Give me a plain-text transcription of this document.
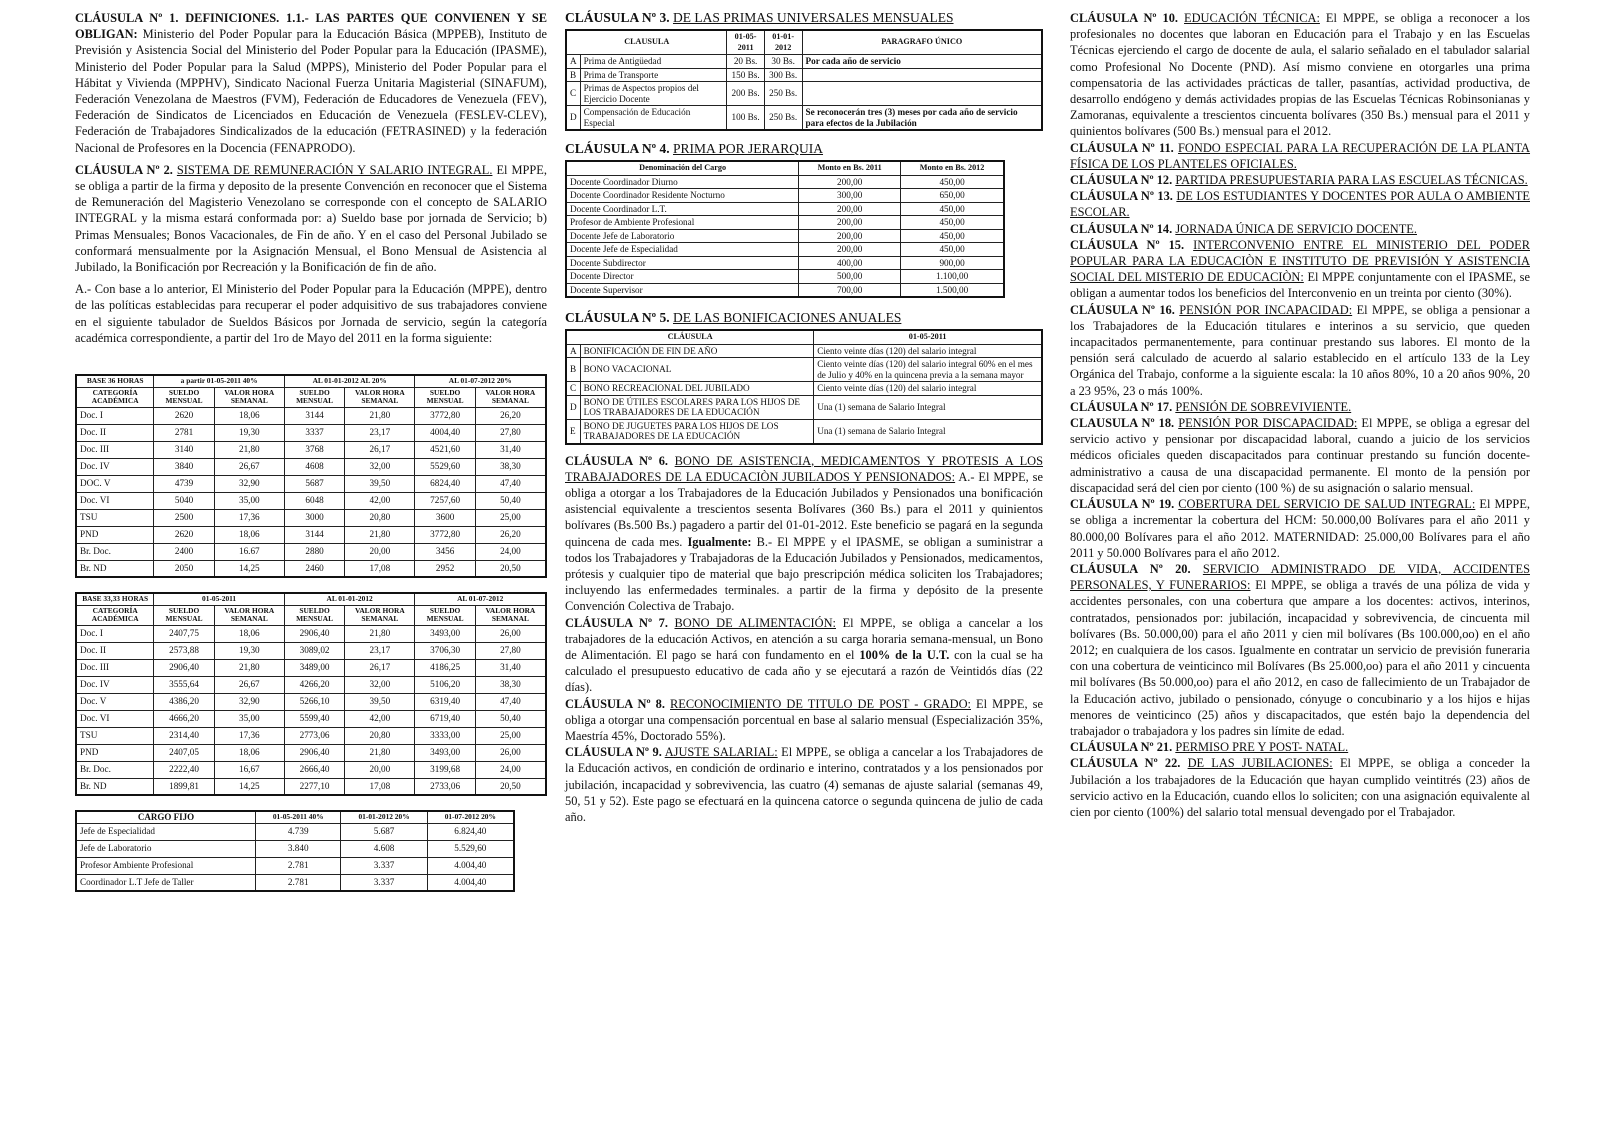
CLÁUSULA Nº 1. DEFINICIONES. 1.1.- LAS PARTES QUE CONVIENEN Y SE OBLIGAN: Ministerio del Poder Popular para la Educación Básica (MPPEB), Instituto de Previsión y Asistencia Social del Ministerio del Poder Popular para la Educación (IPASME), Ministerio del Poder Popular para la Salud (MPPS), Ministerio del Poder Popular para el Hábitat y Vivienda (MPPHV), Sindicato Nacional Fuerza Unitaria Magisterial (SINAFUM), Federación Venezolana de Maestros (FVM), Federación de Educadores de Venezuela (FEV), Federación de Sindicatos de Licenciados en Educación de Venezuela (FESLEV-CLEV), Federación de Trabajadores Sindicalizados de la educación (FETRASINED) y la federación Nacional de Profesores en la Docencia (FENAPRODO).

CLÁUSULA Nº 2. SISTEMA DE REMUNERACIÓN Y SALARIO INTEGRAL. El MPPE, se obliga a partir de la firma y deposito de la presente Convención en reconocer que el Sistema de Remuneración del Magisterio Venezolano se corresponde con el concepto de SALARIO INTEGRAL y la misma estará conformada por: a) Sueldo base por jornada de Servicio; b) Primas Mensuales; Bonos Vacacionales, de Fin de año. Y en el caso del Personal Jubilado se conformará mensualmente por la Asignación Mensual, el Bono Mensual de Asistencia al Jubilado, la Bonificación por Recreación y la Bonificación de fin de año.

A.- Con base a lo anterior, El Ministerio del Poder Popular para la Educación (MPPE), dentro de las políticas establecidas para recuperar el poder adquisitivo de sus trabajadores conviene en el siguiente tabulador de Sueldos Básicos por Jornada de servicio, según la categoría académica correspondiente, a partir del 1ro de Mayo del 2011 en la forma siguiente:

BASE 36 HORAS	a partir 01-05-2011 40%		AL 01-01-2012 AL 20%		AL 01-07-2012 20%	
CATEGORÍA ACADÉMICA	SUELDO MENSUAL	VALOR HORA SEMANAL	SUELDO MENSUAL	VALOR HORA SEMANAL	SUELDO MENSUAL	VALOR HORA SEMANAL
Doc. I	2620	18,06	3144	21,80	3772,80	26,20
Doc. II	2781	19,30	3337	23,17	4004,40	27,80
Doc. III	3140	21,80	3768	26,17	4521,60	31,40
Doc. IV	3840	26,67	4608	32,00	5529,60	38,30
DOC. V	4739	32,90	5687	39,50	6824,40	47,40
Doc. VI	5040	35,00	6048	42,00	7257,60	50,40
TSU	2500	17,36	3000	20,80	3600	25,00
PND	2620	18,06	3144	21,80	3772,80	26,20
Br. Doc.	2400	16.67	2880	20,00	3456	24,00
Br. ND	2050	14,25	2460	17,08	2952	20,50
BASE 33,33 HORAS	01-05-2011		AL 01-01-2012		AL 01-07-2012	
CATEGORÍA ACADÉMICA	SUELDO MENSUAL	VALOR HORA SEMANAL	SUELDO MENSUAL	VALOR HORA SEMANAL	SUELDO MENSUAL	VALOR HORA SEMANAL
Doc. I	2407,75	18,06	2906,40	21,80	3493,00	26,00
Doc. II	2573,88	19,30	3089,02	23,17	3706,30	27,80
Doc. III	2906,40	21,80	3489,00	26,17	4186,25	31,40
Doc. IV	3555,64	26,67	4266,20	32,00	5106,20	38,30
Doc. V	4386,20	32,90	5266,10	39,50	6319,40	47,40
Doc. VI	4666,20	35,00	5599,40	42,00	6719,40	50,40
TSU	2314,40	17,36	2773,06	20,80	3333,00	25,00
PND	2407,05	18,06	2906,40	21,80	3493,00	26,00
Br. Doc.	2222,40	16,67	2666,40	20,00	3199,68	24,00
Br. ND	1899,81	14,25	2277,10	17,08	2733,06	20,50
CARGO FIJO	01-05-2011 40%	01-01-2012 20%	01-07-2012 20%
Jefe de Especialidad	4.739	5.687	6.824,40
Jefe de Laboratorio	3.840	4.608	5.529,60
Profesor Ambiente Profesional	2.781	3.337	4.004,40
Coordinador L.T Jefe de Taller	2.781	3.337	4.004,40
CLÁUSULA Nº 3. DE LAS PRIMAS UNIVERSALES MENSUALES
CLAUSULA		01-05-2011	01-01-2012	PARAGRAFO ÚNICO
A	Prima de Antigüedad	20 Bs.	30 Bs.	Por cada año de servicio
B	Prima de Transporte	150 Bs.	300 Bs.	
C	Primas de Aspectos propios del Ejercicio Docente	200 Bs.	250 Bs.	
D	Compensación de Educación Especial	100 Bs.	250 Bs.	Se reconocerán tres (3) meses por cada año de servicio para efectos de la Jubilación
CLÁUSULA Nº 4. PRIMA POR JERARQUIA
Denominación del Cargo	Monto en Bs. 2011	Monto en Bs. 2012
Docente Coordinador Diurno	200,00	450,00
Docente Coordinador Residente Nocturno	300,00	650,00
Docente Coordinador L.T.	200,00	450,00
Profesor de Ambiente Profesional	200,00	450,00
Docente Jefe de Laboratorio	200,00	450,00
Docente Jefe de Especialidad	200,00	450,00
Docente Subdirector	400,00	900,00
Docente Director	500,00	1.100,00
Docente Supervisor	700,00	1.500,00
CLÁUSULA Nº 5. DE LAS BONIFICACIONES ANUALES
CLÁUSULA		01-05-2011
A	BONIFICACIÓN DE FIN DE AÑO	Ciento veinte días (120) del salario integral
B	BONO VACACIONAL	Ciento veinte días (120) del salario integral 60% en el mes de Julio y 40% en la quincena previa a la semana mayor
C	BONO RECREACIONAL DEL JUBILADO	Ciento veinte días (120) del salario integral
D	BONO DE ÚTILES ESCOLARES PARA LOS HIJOS DE LOS TRABAJADORES DE LA EDUCACIÓN	Una (1) semana de Salario Integral
E	BONO DE JUGUETES PARA LOS HIJOS DE LOS TRABAJADORES DE LA EDUCACIÓN	Una (1) semana de Salario Integral

CLÁUSULA Nº 6. BONO DE ASISTENCIA, MEDICAMENTOS Y PROTESIS A LOS TRABAJADORES DE LA EDUCACIÒN JUBILADOS Y PENSIONADOS: A.- El MPPE, se obliga a otorgar a los Trabajadores de la Educación Jubilados y Pensionados una bonificación asistencial equivalente a trescientos sesenta Bolívares (360 Bs.) para el 2011 y quinientos bolívares (Bs.500 Bs.) pagadero a partir del 01-01-2012. Este beneficio se pagará en la segunda quincena de cada mes. Igualmente: B.- El MPPE y el IPASME, se obligan a suministrar a todos los Trabajadores y Trabajadoras de la Educación Jubilados y Pensionados, medicamentos, prótesis y cualquier tipo de material que bajo prescripción médica soliciten los Trabajadores; incluyendo las enfermedades terminales. a partir de la firma y depósito de la presente Convención Colectiva de Trabajo.

CLÁUSULA Nº 7. BONO DE ALIMENTACIÓN: El MPPE, se obliga a cancelar a los trabajadores de la educación Activos, en atención a su carga horaria semana-mensual, un Bono de Alimentación. El pago se hará con fundamento en el 100% de la U.T. con la cual se ha calculado el presupuesto educativo de cada año y se ejecutará a razón de Veintidós días (22 días).

CLÁUSULA Nº 8. RECONOCIMIENTO DE TITULO DE POST - GRADO: El MPPE, se obliga a otorgar una compensación porcentual en base al salario mensual (Especialización 35%, Maestría 45%, Doctorado 55%).

CLÁUSULA Nº 9. AJUSTE SALARIAL: El MPPE, se obliga a cancelar a los Trabajadores de la Educación activos, en condición de ordinario e interino, contratados y a los pensionados por jubilación, incapacidad y sobrevivencia, las cuatro (4) semanas de ajuste salarial (semanas 49, 50, 51 y 52). Este pago se efectuará en la quincena catorce o segunda quincena de julio de cada año.

CLÁUSULA Nº 10. EDUCACIÓN TÉCNICA: El MPPE, se obliga a reconocer a los profesionales no docentes que laboran en Educación para el Trabajo y en las Escuelas Técnicas ejerciendo el cargo de docente de aula, el salario señalado en el tabulador salarial como Profesional No Docente (PND). Así mismo conviene en otorgarles una prima compensatoria de las actividades prácticas de taller, pasantías, actividad productiva, de desarrollo endógeno y demás actividades propias de las Escuelas Técnicas Robinsonianas y Zamoranas, equivalente a trescientos cincuenta bolívares (350 Bs.) mensual para el 2011 y quinientos bolívares (500 Bs.) mensual para el 2012.

CLÁUSULA Nº 11. FONDO ESPECIAL PARA LA RECUPERACIÓN DE LA PLANTA FÍSICA DE LOS PLANTELES OFICIALES.

CLÁUSULA Nº 12. PARTIDA PRESUPUESTARIA PARA LAS ESCUELAS TÉCNICAS.

CLÁUSULA Nº 13. DE LOS ESTUDIANTES Y DOCENTES POR AULA O AMBIENTE ESCOLAR.

CLÁUSULA Nº 14. JORNADA ÚNICA DE SERVICIO DOCENTE.

CLÁUSULA Nº 15. INTERCONVENIO ENTRE EL MINISTERIO DEL PODER POPULAR PARA LA EDUCACIÒN E INSTITUTO DE PREVISIÓN Y ASISTENCIA SOCIAL DEL MISTERIO DE EDUCACIÒN: El MPPE conjuntamente con el IPASME, se obligan a aumentar todos los beneficios del Interconvenio en un treinta por ciento (30%).

CLÁUSULA Nº 16. PENSIÓN POR INCAPACIDAD: El MPPE, se obliga a pensionar a los Trabajadores de la Educación titulares e interinos a su servicio, que queden incapacitados permanentemente, para continuar prestando sus labores. El monto de la pensión será calculado de acuerdo al salario establecido en el artículo 133 de la Ley Orgánica del Trabajo, conforme a la siguiente escala: la 10 años 80%, 10 a 20 años 90%, 20 a 23 95%, 23 o más 100%.

CLÁUSULA Nº 17. PENSIÓN DE SOBREVIVIENTE.

CLAUSULA Nº 18. PENSIÓN POR DISCAPACIDAD: El MPPE, se obliga a egresar del servicio activo y pensionar por discapacidad laboral, cuando a juicio de los servicios médicos oficiales queden discapacitados para continuar prestando su función docente-administrativo a causa de una discapacidad permanente. El monto de la pensión por discapacidad será del cien por ciento (100 %) de su asignación o salario mensual.

CLÁUSULA Nº 19. COBERTURA DEL SERVICIO DE SALUD INTEGRAL: El MPPE, se obliga a incrementar la cobertura del HCM: 50.000,00 Bolívares para el año 2011 y 80.000,00 Bolívares para el año 2012. MATERNIDAD: 25.000,00 Bolívares para el año 2011 y 50.000 Bolívares para el año 2012.

CLÁUSULA Nº 20. SERVICIO ADMINISTRADO DE VIDA, ACCIDENTES PERSONALES, Y FUNERARIOS: El MPPE, se obliga a través de una póliza de vida y accidentes personales, con una cobertura que ampare a los docentes: activos, interinos, contratados, pensionados por: jubilación, incapacidad y sobrevivencia, de cincuenta mil bolívares (Bs. 50.000,00) para el año 2011 y cien mil bolívares (Bs 100.000,oo) en el año 2012; en cualquiera de los casos. Igualmente en contratar un servicio de previsión funeraria con una cobertura de veinticinco mil Bolívares (Bs 25.000,oo) para el año 2011 y cincuenta mil bolívares (Bs 50.000,oo) para el año 2012, en caso de fallecimiento de un Trabajador de la Educación activo, jubilado o pensionado, cónyuge o concubinario y a los hijos e hijas menores de veinticinco (25) años y discapacitados, que estén bajo la dependencia del trabajador o trabajadora y los padres sin límite de edad.

CLÁUSULA Nº 21. PERMISO PRE Y POST- NATAL.

CLÁUSULA Nº 22. DE LAS JUBILACIONES: El MPPE, se obliga a conceder la Jubilación a los trabajadores de la Educación que hayan cumplido veintitrés (23) años de servicio activo en la Educación, cuando ellos lo soliciten; con una asignación equivalente al cien por ciento (100%) del salario total mensual devengado por el Trabajador.
